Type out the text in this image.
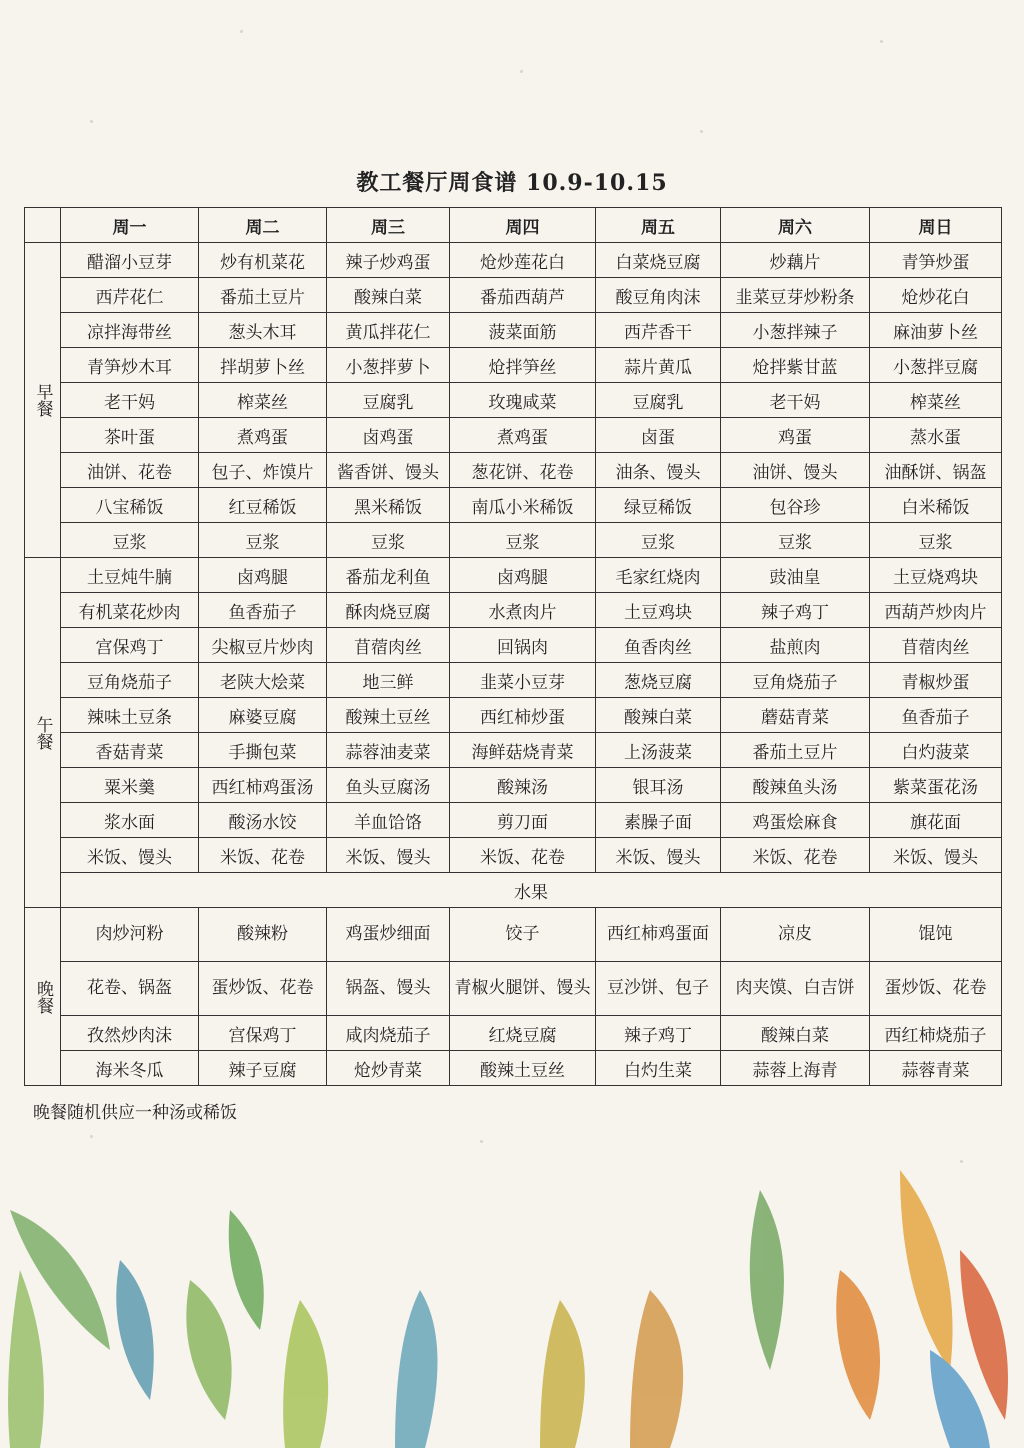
教工餐厅周食谱 10.9-10.15
	周一	周二	周三	周四	周五	周六	周日
早餐	醋溜小豆芽	炒有机菜花	辣子炒鸡蛋	炝炒莲花白	白菜烧豆腐	炒藕片	青笋炒蛋
	西芹花仁	番茄土豆片	酸辣白菜	番茄西葫芦	酸豆角肉沫	韭菜豆芽炒粉条	炝炒花白
	凉拌海带丝	葱头木耳	黄瓜拌花仁	菠菜面筋	西芹香干	小葱拌辣子	麻油萝卜丝
	青笋炒木耳	拌胡萝卜丝	小葱拌萝卜	炝拌笋丝	蒜片黄瓜	炝拌紫甘蓝	小葱拌豆腐
	老干妈	榨菜丝	豆腐乳	玫瑰咸菜	豆腐乳	老干妈	榨菜丝
	茶叶蛋	煮鸡蛋	卤鸡蛋	煮鸡蛋	卤蛋	鸡蛋	蒸水蛋
	油饼、花卷	包子、炸馍片	酱香饼、馒头	葱花饼、花卷	油条、馒头	油饼、馒头	油酥饼、锅盔
	八宝稀饭	红豆稀饭	黑米稀饭	南瓜小米稀饭	绿豆稀饭	包谷珍	白米稀饭
	豆浆	豆浆	豆浆	豆浆	豆浆	豆浆	豆浆
午餐	土豆炖牛腩	卤鸡腿	番茄龙利鱼	卤鸡腿	毛家红烧肉	豉油皇	土豆烧鸡块
	有机菜花炒肉	鱼香茄子	酥肉烧豆腐	水煮肉片	土豆鸡块	辣子鸡丁	西葫芦炒肉片
	宫保鸡丁	尖椒豆片炒肉	苜蓿肉丝	回锅肉	鱼香肉丝	盐煎肉	苜蓿肉丝
	豆角烧茄子	老陕大烩菜	地三鲜	韭菜小豆芽	葱烧豆腐	豆角烧茄子	青椒炒蛋
	辣味土豆条	麻婆豆腐	酸辣土豆丝	西红柿炒蛋	酸辣白菜	蘑菇青菜	鱼香茄子
	香菇青菜	手撕包菜	蒜蓉油麦菜	海鲜菇烧青菜	上汤菠菜	番茄土豆片	白灼菠菜
	粟米羹	西红柿鸡蛋汤	鱼头豆腐汤	酸辣汤	银耳汤	酸辣鱼头汤	紫菜蛋花汤
	浆水面	酸汤水饺	羊血饸饹	剪刀面	素臊子面	鸡蛋烩麻食	旗花面
	米饭、馒头	米饭、花卷	米饭、馒头	米饭、花卷	米饭、馒头	米饭、花卷	米饭、馒头
	水果						
晚餐	肉炒河粉	酸辣粉	鸡蛋炒细面	饺子	西红柿鸡蛋面	凉皮	馄饨
	花卷、锅盔	蛋炒饭、花卷	锅盔、馒头	青椒火腿饼、馒头	豆沙饼、包子	肉夹馍、白吉饼	蛋炒饭、花卷
	孜然炒肉沫	宫保鸡丁	咸肉烧茄子	红烧豆腐	辣子鸡丁	酸辣白菜	西红柿烧茄子
	海米冬瓜	辣子豆腐	炝炒青菜	酸辣土豆丝	白灼生菜	蒜蓉上海青	蒜蓉青菜
晚餐随机供应一种汤或稀饭
